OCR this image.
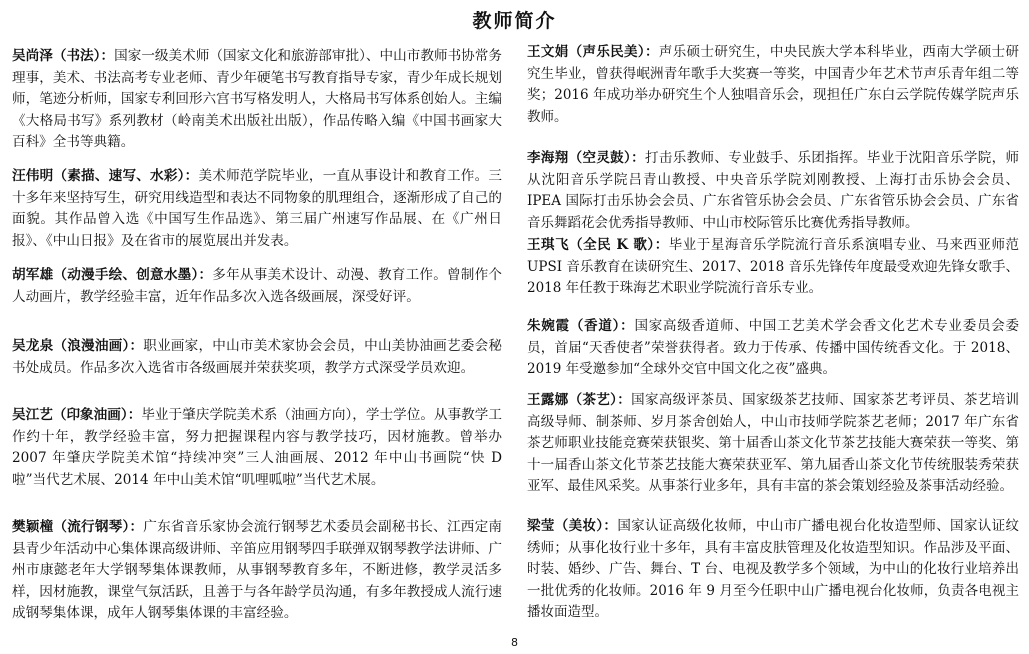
教师简介
吴尚泽（书法）：国家一级美术师（国家文化和旅游部审批）、中山市教师书协常务理事，美术、书法高考专业老师、青少年硬笔书写教育指导专家，青少年成长规划师，笔迹分析师，国家专利回形六宫书写格发明人，大格局书写体系创始人。主编《大格局书写》系列教材（岭南美术出版社出版），作品传略入编《中国书画家大百科》全书等典籍。
汪伟明（素描、速写、水彩）：美术师范学院毕业，一直从事设计和教育工作。三十多年来坚持写生，研究用线造型和表达不同物象的肌理组合，逐渐形成了自己的面貌。其作品曾入选《中国写生作品选》、第三届广州速写作品展、在《广州日报》、《中山日报》及在省市的展览展出并发表。
胡军雄（动漫手绘、创意水墨）：多年从事美术设计、动漫、教育工作。曾制作个人动画片，教学经验丰富，近年作品多次入选各级画展，深受好评。
吴龙泉（浪漫油画）：职业画家，中山市美术家协会会员，中山美协油画艺委会秘书处成员。作品多次入选省市各级画展并荣获奖项，教学方式深受学员欢迎。
吴江艺（印象油画）：毕业于肇庆学院美术系（油画方向），学士学位。从事教学工作约十年，教学经验丰富，努力把握课程内容与教学技巧，因材施教。曾举办 2007 年肇庆学院美术馆“持续冲突”三人油画展、2012 年中山书画院“快 D 啦”当代艺术展、2014 年中山美术馆“叽哩呱啦”当代艺术展。
樊颖橦（流行钢琴）：广东省音乐家协会流行钢琴艺术委员会副秘书长、江西定南县青少年活动中心集体课高级讲师、辛笛应用钢琴四手联弹双钢琴教学法讲师、广州市康懿老年大学钢琴集体课教师，从事钢琴教育多年，不断进修，教学灵活多样，因材施教，课堂气氛活跃，且善于与各年龄学员沟通，有多年教授成人流行速成钢琴集体课，成年人钢琴集体课的丰富经验。
王文娟（声乐民美）：声乐硕士研究生，中央民族大学本科毕业，西南大学硕士研究生毕业，曾获得岷洲青年歌手大奖赛一等奖，中国青少年艺术节声乐青年组二等奖；2016 年成功举办研究生个人独唱音乐会，现担任广东白云学院传媒学院声乐教师。
李海翔（空灵鼓）：打击乐教师、专业鼓手、乐团指挥。毕业于沈阳音乐学院，师从沈阳音乐学院吕青山教授、中央音乐学院刘刚教授、上海打击乐协会会员、IPEA 国际打击乐协会会员、广东省管乐协会会员、广东省管乐协会会员、广东省音乐舞蹈花会优秀指导教师、中山市校际管乐比赛优秀指导教师。
王琪飞（全民 K 歌）：毕业于星海音乐学院流行音乐系演唱专业、马来西亚师范 UPSI 音乐教育在读研究生、2017、2018 音乐先锋传年度最受欢迎先锋女歌手、2018 年任教于珠海艺术职业学院流行音乐专业。
朱婉霞（香道）：国家高级香道师、中国工艺美术学会香文化艺术专业委员会委员，首届“天香使者”荣誉获得者。致力于传承、传播中国传统香文化。于 2018、2019 年受邀参加“全球外交官中国文化之夜”盛典。
王露娜（茶艺）：国家高级评茶员、国家级茶艺技师、国家茶艺考评员、茶艺培训高级导师、制茶师、岁月茶舍创始人，中山市技师学院茶艺老师；2017 年广东省茶艺师职业技能竞赛荣获银奖、第十届香山茶文化节茶艺技能大赛荣获一等奖、第十一届香山茶文化节茶艺技能大赛荣获亚军、第九届香山茶文化节传统服装秀荣获亚军、最佳风采奖。从事茶行业多年，具有丰富的茶会策划经验及茶事活动经验。
梁莹（美妆）：国家认证高级化妆师，中山市广播电视台化妆造型师、国家认证纹绣师；从事化妆行业十多年，具有丰富皮肤管理及化妆造型知识。作品涉及平面、时装、婚纱、广告、舞台、T 台、电视及教学多个领域，为中山的化妆行业培养出一批优秀的化妆师。2016 年 9 月至今任职中山广播电视台化妆师，负责各电视主播妆面造型。
8
